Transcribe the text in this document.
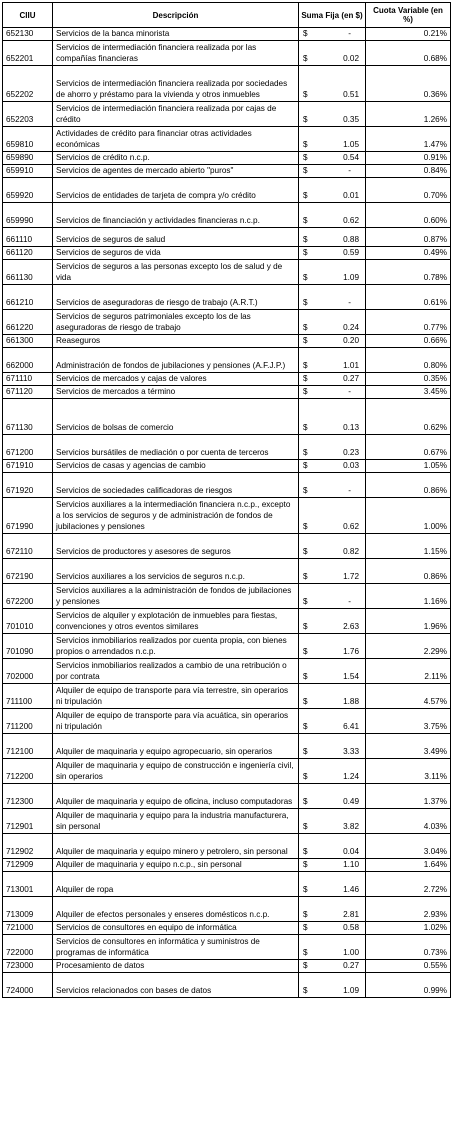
CIIU	Descripción	Suma Fija (en $)	Cuota Variable (en %)
652130	Servicios de la banca minorista	$ -	0.21%
652201	Servicios de intermediación financiera realizada por las compañías financieras	$ 0.02	0.68%
652202	Servicios de intermediación financiera realizada por sociedades de ahorro y préstamo para la vivienda y otros inmuebles	$ 0.51	0.36%
652203	Servicios de intermediación financiera realizada por cajas de crédito	$ 0.35	1.26%
659810	Actividades de crédito para financiar otras actividades económicas	$ 1.05	1.47%
659890	Servicios de crédito n.c.p.	$ 0.54	0.91%
659910	Servicios de agentes de mercado abierto "puros"	$ -	0.84%
659920	Servicios de entidades de tarjeta de compra y/o crédito	$ 0.01	0.70%
659990	Servicios de financiación y actividades financieras n.c.p.	$ 0.62	0.60%
661110	Servicios de seguros de salud	$ 0.88	0.87%
661120	Servicios de seguros de vida	$ 0.59	0.49%
661130	Servicios de seguros a las personas excepto los de salud y de vida	$ 1.09	0.78%
661210	Servicios de aseguradoras de riesgo de trabajo (A.R.T.)	$ -	0.61%
661220	Servicios de seguros patrimoniales excepto los de las aseguradoras de riesgo de trabajo	$ 0.24	0.77%
661300	Reaseguros	$ 0.20	0.66%
662000	Administración de fondos de jubilaciones y pensiones (A.F.J.P.)	$ 1.01	0.80%
671110	Servicios de mercados y cajas de valores	$ 0.27	0.35%
671120	Servicios de mercados a término	$ -	3.45%
671130	Servicios de bolsas de comercio	$ 0.13	0.62%
671200	Servicios bursátiles de mediación o por cuenta de terceros	$ 0.23	0.67%
671910	Servicios de casas y agencias de cambio	$ 0.03	1.05%
671920	Servicios de sociedades calificadoras de riesgos	$ -	0.86%
671990	Servicios auxiliares a la intermediación financiera n.c.p., excepto a los servicios de seguros y de administración de fondos de jubilaciones y pensiones	$ 0.62	1.00%
672110	Servicios de productores y asesores de seguros	$ 0.82	1.15%
672190	Servicios auxiliares a los servicios de seguros n.c.p.	$ 1.72	0.86%
672200	Servicios auxiliares a la administración de fondos de jubilaciones y pensiones	$ -	1.16%
701010	Servicios de alquiler y explotación de inmuebles para fiestas, convenciones y otros eventos similares	$ 2.63	1.96%
701090	Servicios inmobiliarios realizados por cuenta propia, con bienes propios o arrendados n.c.p.	$ 1.76	2.29%
702000	Servicios inmobiliarios realizados a cambio de una retribución o por contrata	$ 1.54	2.11%
711100	Alquiler de equipo de transporte para vía terrestre, sin operarios ni tripulación	$ 1.88	4.57%
711200	Alquiler de equipo de transporte para vía acuática, sin operarios ni tripulación	$ 6.41	3.75%
712100	Alquiler de maquinaria y equipo agropecuario, sin operarios	$ 3.33	3.49%
712200	Alquiler de maquinaria y equipo de construcción e ingeniería civil, sin operarios	$ 1.24	3.11%
712300	Alquiler de maquinaria y equipo de oficina, incluso computadoras	$ 0.49	1.37%
712901	Alquiler de maquinaria y equipo para la industria manufacturera, sin personal	$ 3.82	4.03%
712902	Alquiler de maquinaria y equipo minero y petrolero, sin personal	$ 0.04	3.04%
712909	Alquiler de maquinaria y equipo n.c.p., sin personal	$ 1.10	1.64%
713001	Alquiler de ropa	$ 1.46	2.72%
713009	Alquiler de efectos personales y enseres domésticos n.c.p.	$ 2.81	2.93%
721000	Servicios de consultores en equipo de informática	$ 0.58	1.02%
722000	Servicios de consultores en informática y suministros de programas de informática	$ 1.00	0.73%
723000	Procesamiento de datos	$ 0.27	0.55%
724000	Servicios relacionados con bases de datos	$ 1.09	0.99%
